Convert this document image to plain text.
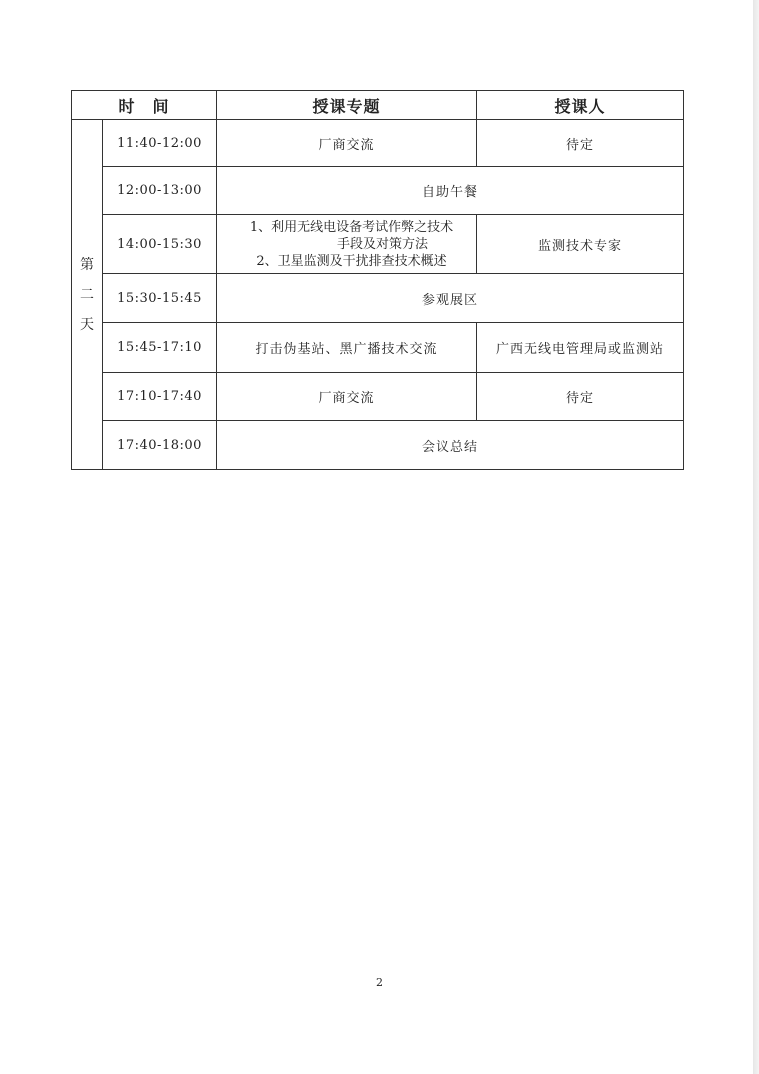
时　间		授课专题	授课人

第
二
天	11:40-12:00	厂商交流	待定
	12:00-13:00	自助午餐	
	14:00-15:30	1、利用无线电设备考试作弊之技术
手段及对策方法
2、卫星监测及干扰排查技术概述	监测技术专家
	15:30-15:45	参观展区	
	15:45-17:10	打击伪基站、黑广播技术交流	广西无线电管理局或监测站
	17:10-17:40	厂商交流	待定
	17:40-18:00	会议总结	
2
